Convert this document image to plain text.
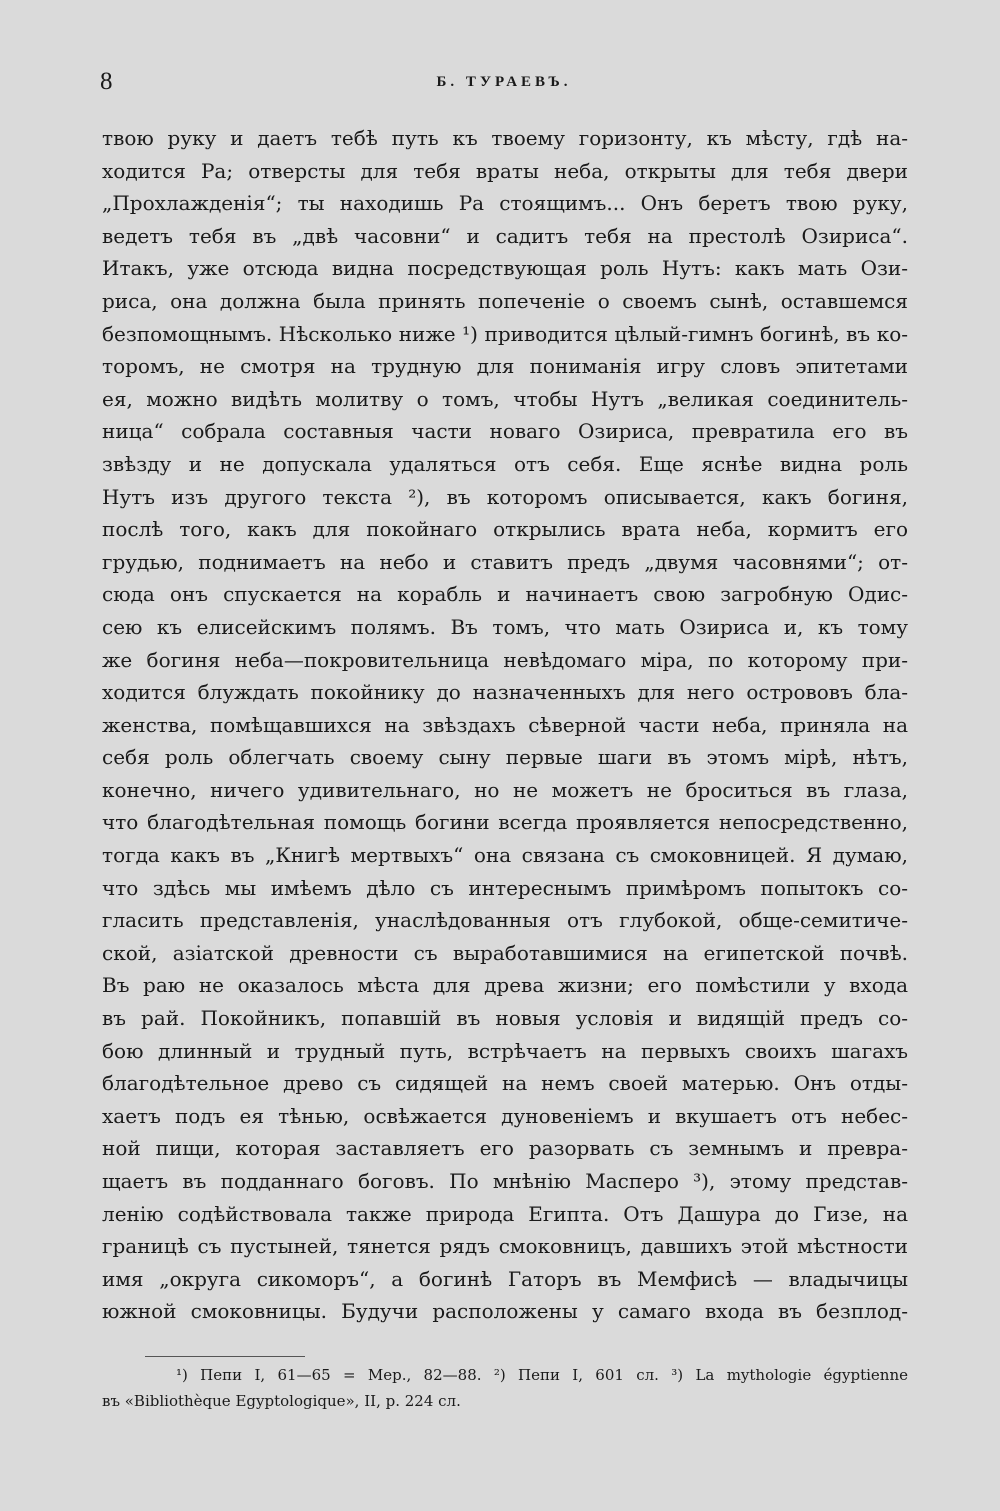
8	Б. ТУРАЕВЪ.
твою руку и даетъ тебѣ путь къ твоему горизонту, къ мѣсту, гдѣ на-
ходится Ра; отверсты для тебя враты неба, открыты для тебя двери
„Прохлажденія“; ты находишь Ра стоящимъ... Онъ беретъ твою руку,
ведетъ тебя въ „двѣ часовни“ и садитъ тебя на престолѣ Озириса“.
Итакъ, уже отсюда видна посредствующая роль Нутъ: какъ мать Ози-
риса, она должна была принять попеченіе о своемъ сынѣ, оставшемся
безпомощнымъ. Нѣсколько ниже ¹) приводится цѣлый-гимнъ богинѣ, въ ко-
торомъ, не смотря на трудную для пониманія игру словъ эпитетами
ея, можно видѣть молитву о томъ, чтобы Нутъ „великая соединитель-
ница“ собрала составныя части новаго Озириса, превратила его въ
звѣзду и не допускала удаляться отъ себя. Еще яснѣе видна роль
Нутъ изъ другого текста ²), въ которомъ описывается, какъ богиня,
послѣ того, какъ для покойнаго открылись врата неба, кормитъ его
грудью, поднимаетъ на небо и ставитъ предъ „двумя часовнями“; от-
сюда онъ спускается на корабль и начинаетъ свою загробную Одис-
сею къ елисейскимъ полямъ. Въ томъ, что мать Озириса и, къ тому
же богиня неба—покровительница невѣдомаго міра, по которому при-
ходится блуждать покойнику до назначенныхъ для него острововъ бла-
женства, помѣщавшихся на звѣздахъ сѣверной части неба, приняла на
себя роль облегчать своему сыну первые шаги въ этомъ мірѣ, нѣтъ,
конечно, ничего удивительнаго, но не можетъ не броситься въ глаза,
что благодѣтельная помощь богини всегда проявляется непосредственно,
тогда какъ въ „Книгѣ мертвыхъ“ она связана съ смоковницей. Я думаю,
что здѣсь мы имѣемъ дѣло съ интереснымъ примѣромъ попытокъ со-
гласить представленія, унаслѣдованныя отъ глубокой, обще-семитиче-
ской, азіатской древности съ выработавшимися на египетской почвѣ.
Въ раю не оказалось мѣста для древа жизни; его помѣстили у входа
въ рай. Покойникъ, попавшій въ новыя условія и видящій предъ со-
бою длинный и трудный путь, встрѣчаетъ на первыхъ своихъ шагахъ
благодѣтельное древо съ сидящей на немъ своей матерью. Онъ отды-
хаетъ подъ ея тѣнью, освѣжается дуновеніемъ и вкушаетъ отъ небес-
ной пищи, которая заставляетъ его разорвать съ земнымъ и превра-
щаетъ въ подданнаго боговъ. По мнѣнію Масперо ³), этому представ-
ленію содѣйствовала также природа Египта. Отъ Дашура до Гизе, на
границѣ съ пустыней, тянется рядъ смоковницъ, давшихъ этой мѣстности
имя „округа сикоморъ“, а богинѣ Гаторъ въ Мемфисѣ — владычицы
южной смоковницы. Будучи расположены у самаго входа въ безплод-
¹) Пепи I, 61—65 = Мер., 82—88. ²) Пепи I, 601 сл. ³) La mythologie égyptienne
въ «Bibliothèque Egyptologique», II, p. 224 сл.
